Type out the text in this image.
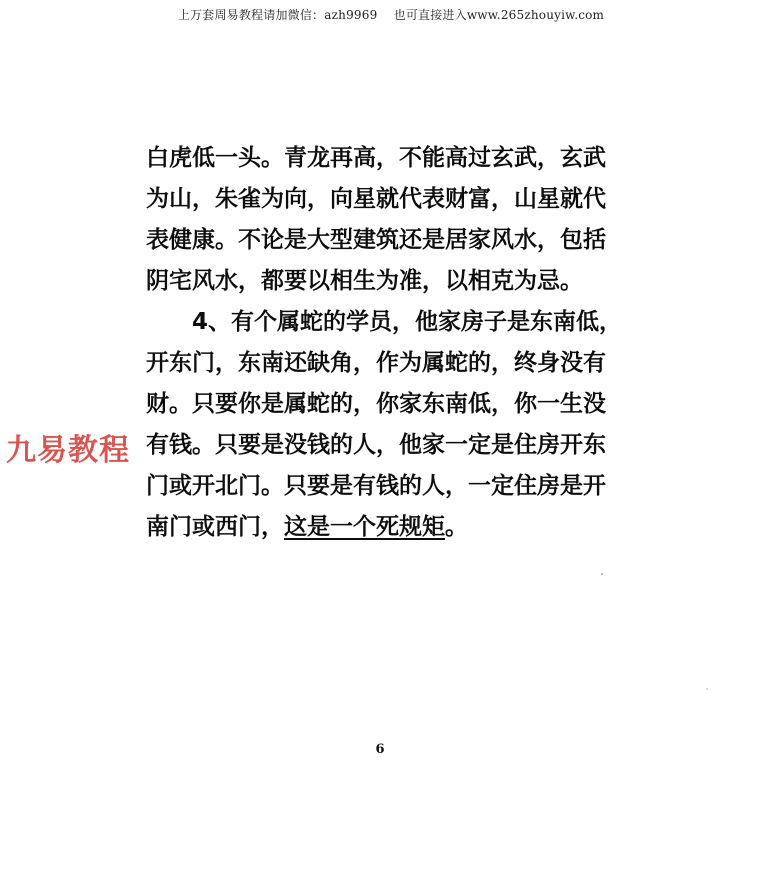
上万套周易教程请加微信：azh9969　 也可直接进入www.265zhouyiw.com
白虎低一头。青龙再高，不能高过玄武，玄武
为山，朱雀为向，向星就代表财富，山星就代
表健康。不论是大型建筑还是居家风水，包括
阴宅风水，都要以相生为准，以相克为忌。
4、有个属蛇的学员，他家房子是东南低，
开东门，东南还缺角，作为属蛇的，终身没有
财。只要你是属蛇的，你家东南低，你一生没
有钱。只要是没钱的人，他家一定是住房开东
门或开北门。只要是有钱的人，一定住房是开
南门或西门，这是一个死规矩。
九易教程
6
